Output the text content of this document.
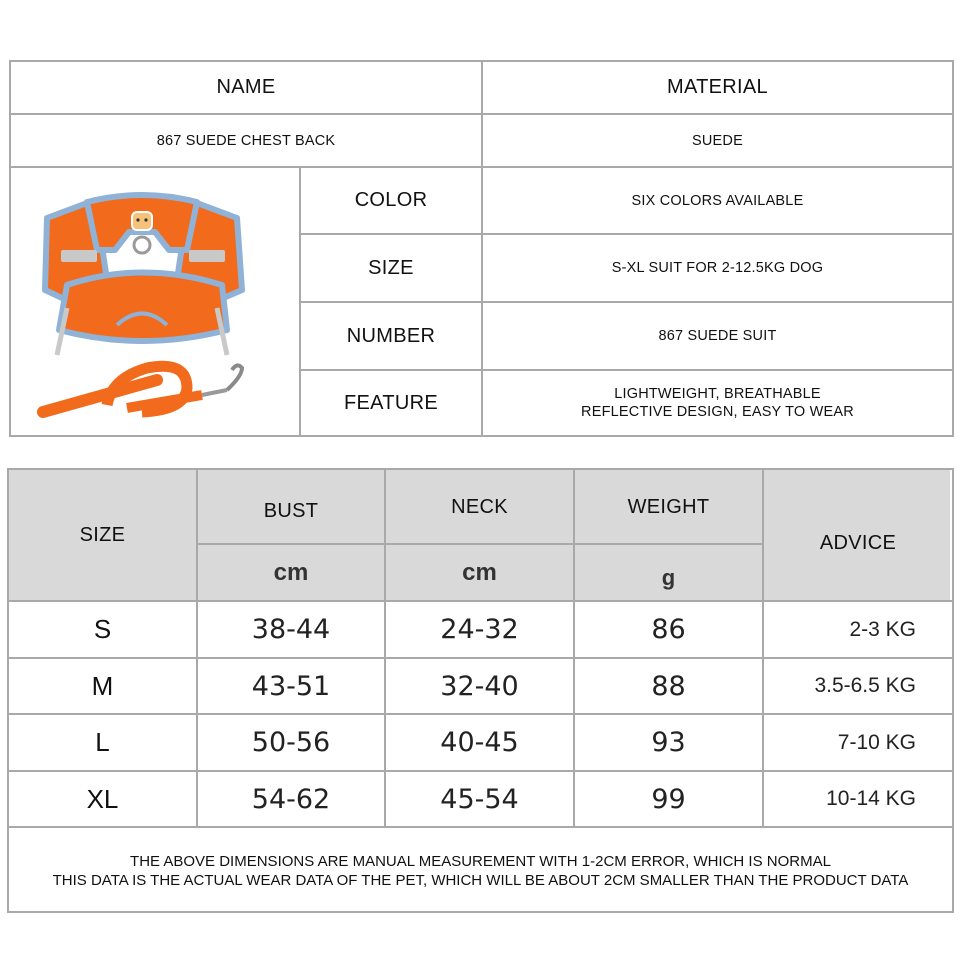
NAME	MATERIAL
867 SUEDE CHEST BACK	SUEDE
COLOR	SIX COLORS AVAILABLE
SIZE	S-XL SUIT FOR 2-12.5KG DOG
NUMBER	867 SUEDE SUIT
FEATURE	LIGHTWEIGHT, BREATHABLE
REFLECTIVE DESIGN, EASY TO WEAR
SIZE
BUST	NECK	WEIGHT
ADVICE
cm	cm	g
S	38-44	24-32	86	2-3 KG
M	43-51	32-40	88	3.5-6.5 KG
L	50-56	40-45	93	7-10 KG
XL	54-62	45-54	99	10-14 KG
THE ABOVE DIMENSIONS ARE MANUAL MEASUREMENT WITH 1-2CM ERROR, WHICH IS NORMAL
THIS DATA IS THE ACTUAL WEAR DATA OF THE PET, WHICH WILL BE ABOUT 2CM SMALLER THAN THE PRODUCT DATA
